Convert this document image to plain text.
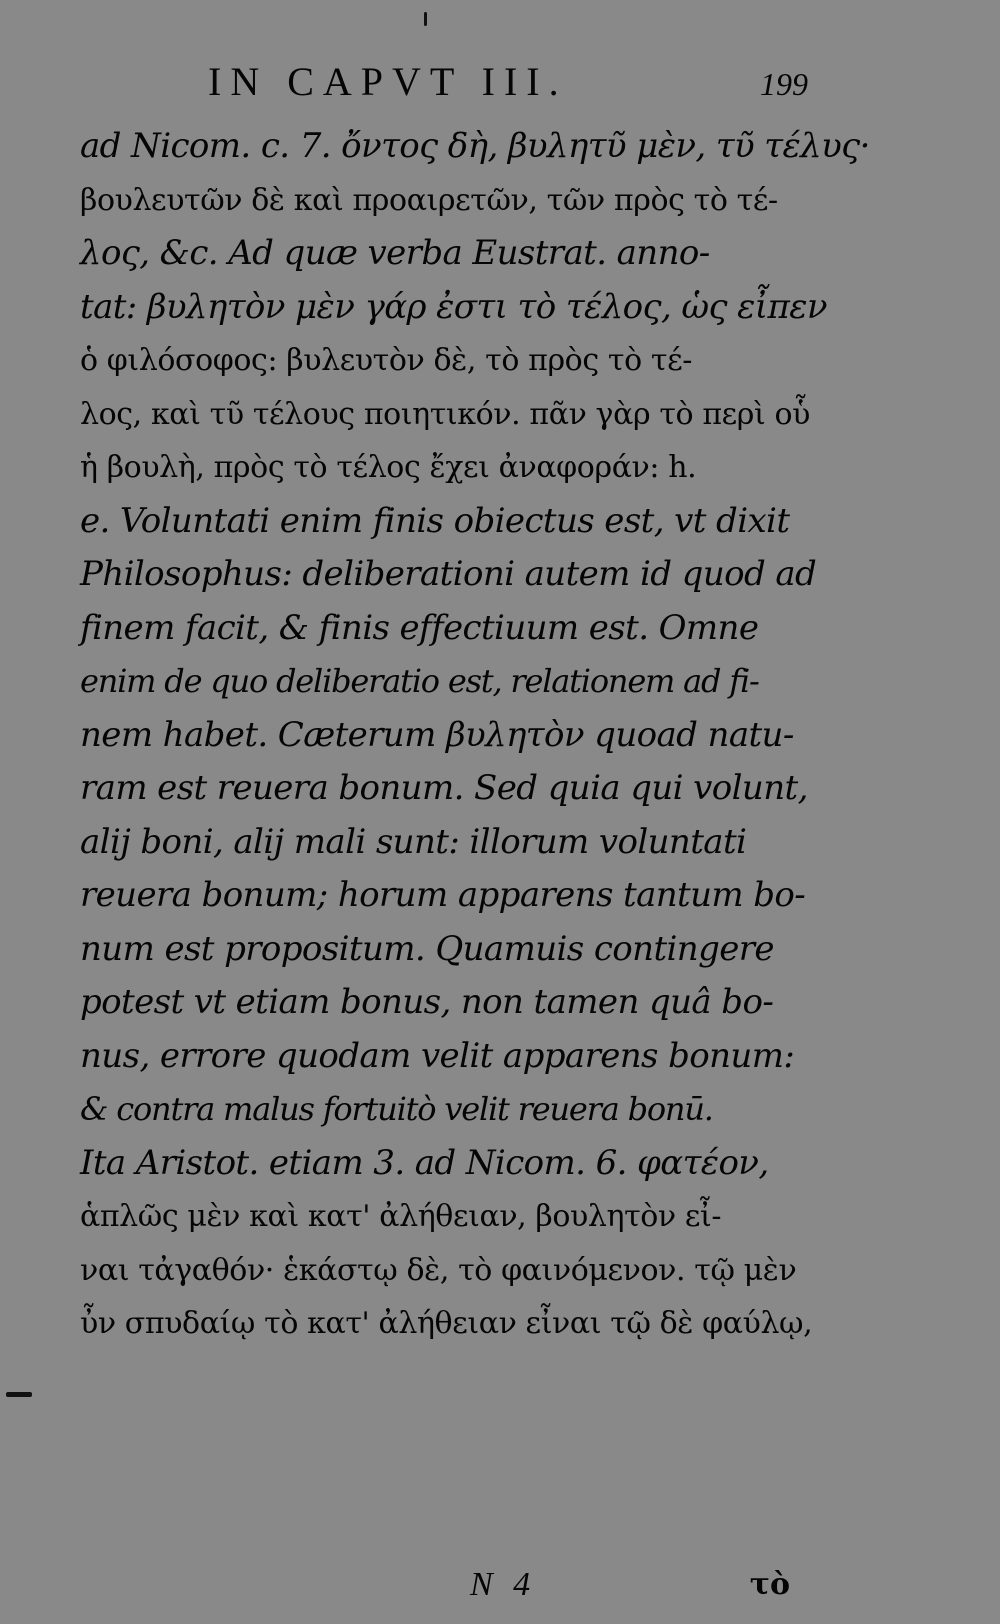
IN CAPVT III.	199
ad Nicom. c. 7. ὄντος δὴ, βυλητῦ μὲν, τῦ τέλυς·
βουλευτῶν δὲ καὶ προαιρετῶν, τῶν πρὸς τὸ τέ-
λος, &c. Ad quæ verba Eustrat. anno-
tat: βυλητὸν μὲν γάρ ἐστι τὸ τέλος, ὡς εἶπεν
ὁ φιλόσοφος: βυλευτὸν δὲ, τὸ πρὸς τὸ τέ-
λος, καὶ τῦ τέλους ποιητικόν. πᾶν γὰρ τὸ περὶ οὗ
ἡ βουλὴ, πρὸς τὸ τέλος ἔχει ἀναφοράν: h.
e. Voluntati enim finis obiectus est, vt dixit
Philosophus: deliberationi autem id quod ad
finem facit, & finis effectiuum est. Omne
enim de quo deliberatio est, relationem ad fi-
nem habet. Cæterum βυλητὸν quoad natu-
ram est reuera bonum. Sed quia qui volunt,
alij boni, alij mali sunt: illorum voluntati
reuera bonum; horum apparens tantum bo-
num est propositum. Quamuis contingere
potest vt etiam bonus, non tamen quâ bo-
nus, errore quodam velit apparens bonum:
& contra malus fortuitò velit reuera bonū.
Ita Aristot. etiam 3. ad Nicom. 6. φατέον,
ἁπλῶς μὲν καὶ κατ' ἀλήθειαν, βουλητὸν εἶ-
ναι τἀγαθόν· ἑκάστῳ δὲ, τὸ φαινόμενον. τῷ μὲν
ὖν σπυδαίῳ τὸ κατ' ἀλήθειαν εἶναι τῷ δὲ φαύλῳ,
N 4	τὸ
